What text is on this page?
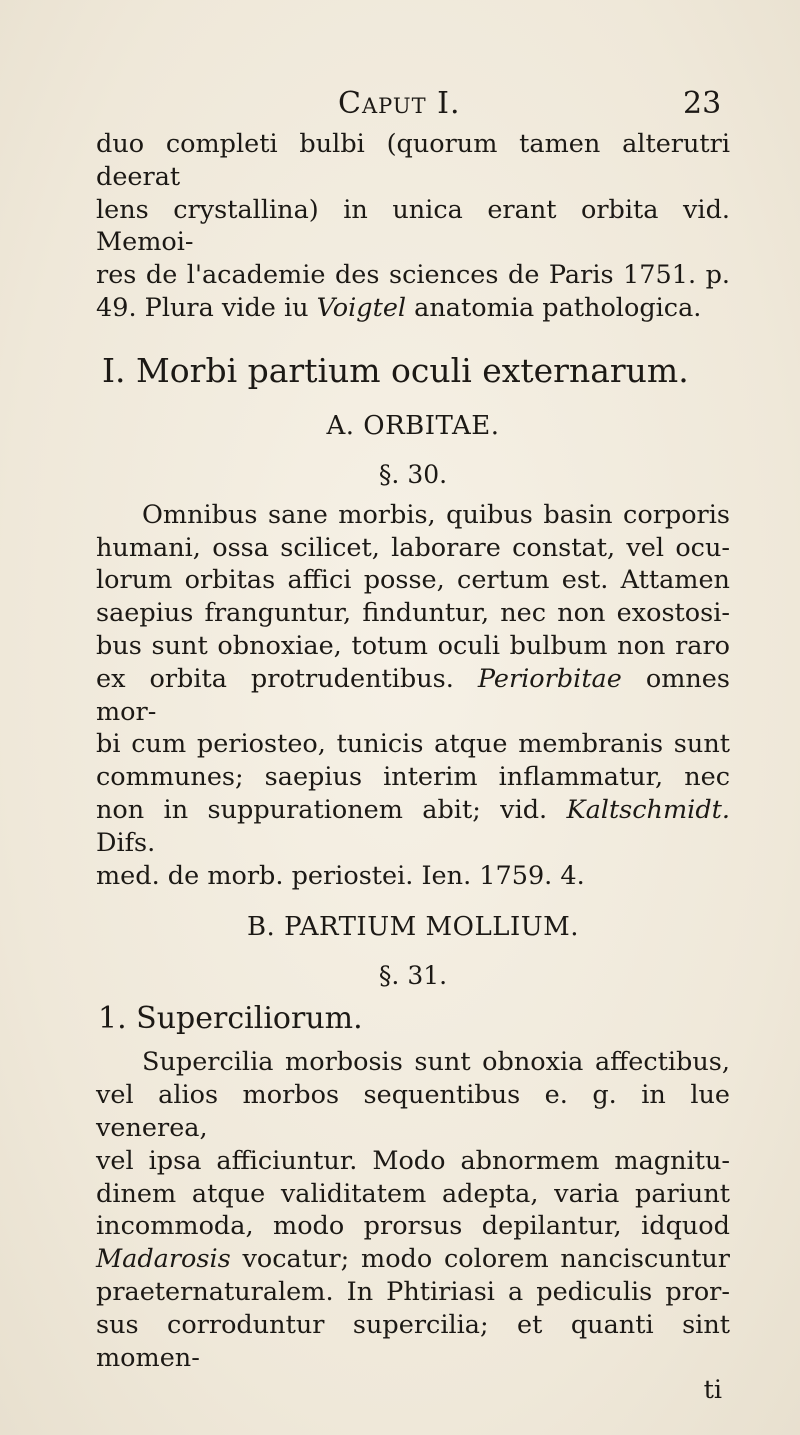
Caput I.	23

duo completi bulbi (quorum tamen alterutri deerat

lens crystallina) in unica erant orbita vid. Memoi-

res de l'academie des sciences de Paris 1751. p.

49. Plura vide iu Voigtel anatomia pathologica.

I. Morbi partium oculi externarum.
A. ORBITAE.
§. 30.

Omnibus sane morbis, quibus basin corporis

humani, ossa scilicet, laborare constat, vel ocu-

lorum orbitas affici posse, certum est. Attamen

saepius franguntur, finduntur, nec non exostosi-

bus sunt obnoxiae, totum oculi bulbum non raro

ex orbita protrudentibus. Periorbitae omnes mor-

bi cum periosteo, tunicis atque membranis sunt

communes; saepius interim inflammatur, nec

non in suppurationem abit; vid. Kaltschmidt. Difs.

med. de morb. periostei. Ien. 1759. 4.

B. PARTIUM MOLLIUM.
§. 31.
1. Superciliorum.

Supercilia morbosis sunt obnoxia affectibus,

vel alios morbos sequentibus e. g. in lue venerea,

vel ipsa afficiuntur. Modo abnormem magnitu-

dinem atque validitatem adepta, varia pariunt

incommoda, modo prorsus depilantur, idquod

Madarosis vocatur; modo colorem nanciscuntur

praeternaturalem. In Phtiriasi a pediculis pror-

sus corroduntur supercilia; et quanti sint momen-

ti
